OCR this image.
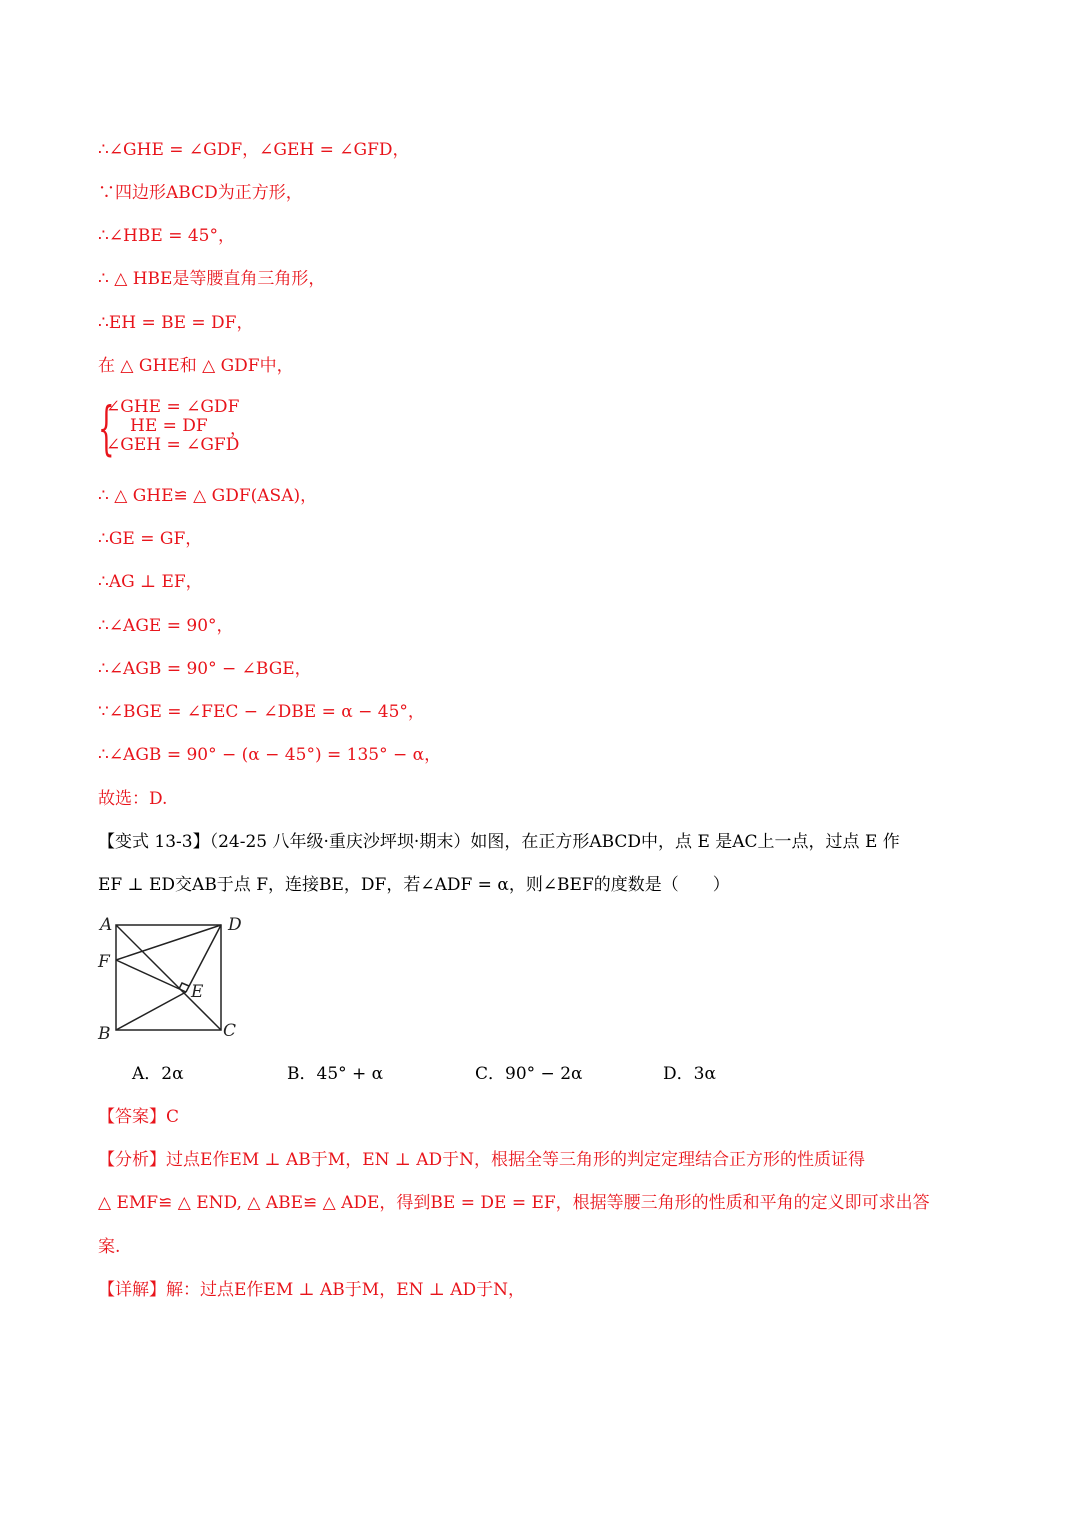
∴∠GHE = ∠GDF，∠GEH = ∠GFD，
∵四边形ABCD为正方形，
∴∠HBE = 45°，
∴ △ HBE是等腰直角三角形，
∴EH = BE = DF，
在 △ GHE和 △ GDF中，
{
∠GHE = ∠GDF
HE = DF
∠GEH = ∠GFD
，
∴ △ GHE≌ △ GDF(ASA)，
∴GE = GF，
∴AG ⊥ EF，
∴∠AGE = 90°，
∴∠AGB = 90° − ∠BGE，
∵∠BGE = ∠FEC − ∠DBE = α − 45°，
∴∠AGB = 90° − (α − 45°) = 135° − α，
故选：D.
【变式 13-3】（24-25 八年级·重庆沙坪坝·期末）如图，在正方形ABCD中，点 E 是AC上一点，过点 E 作
EF ⊥ ED交AB于点 F，连接BE，DF，若∠ADF = α，则∠BEF的度数是（　　）
A	D
F
E
B	C
A．2α	B．45° + α	C．90° − 2α	D．3α
【答案】C
【分析】过点E作EM ⊥ AB于M，EN ⊥ AD于N，根据全等三角形的判定定理结合正方形的性质证得
△ EMF≌ △ END, △ ABE≌ △ ADE，得到BE = DE = EF，根据等腰三角形的性质和平角的定义即可求出答
案.
【详解】解：过点E作EM ⊥ AB于M，EN ⊥ AD于N，
